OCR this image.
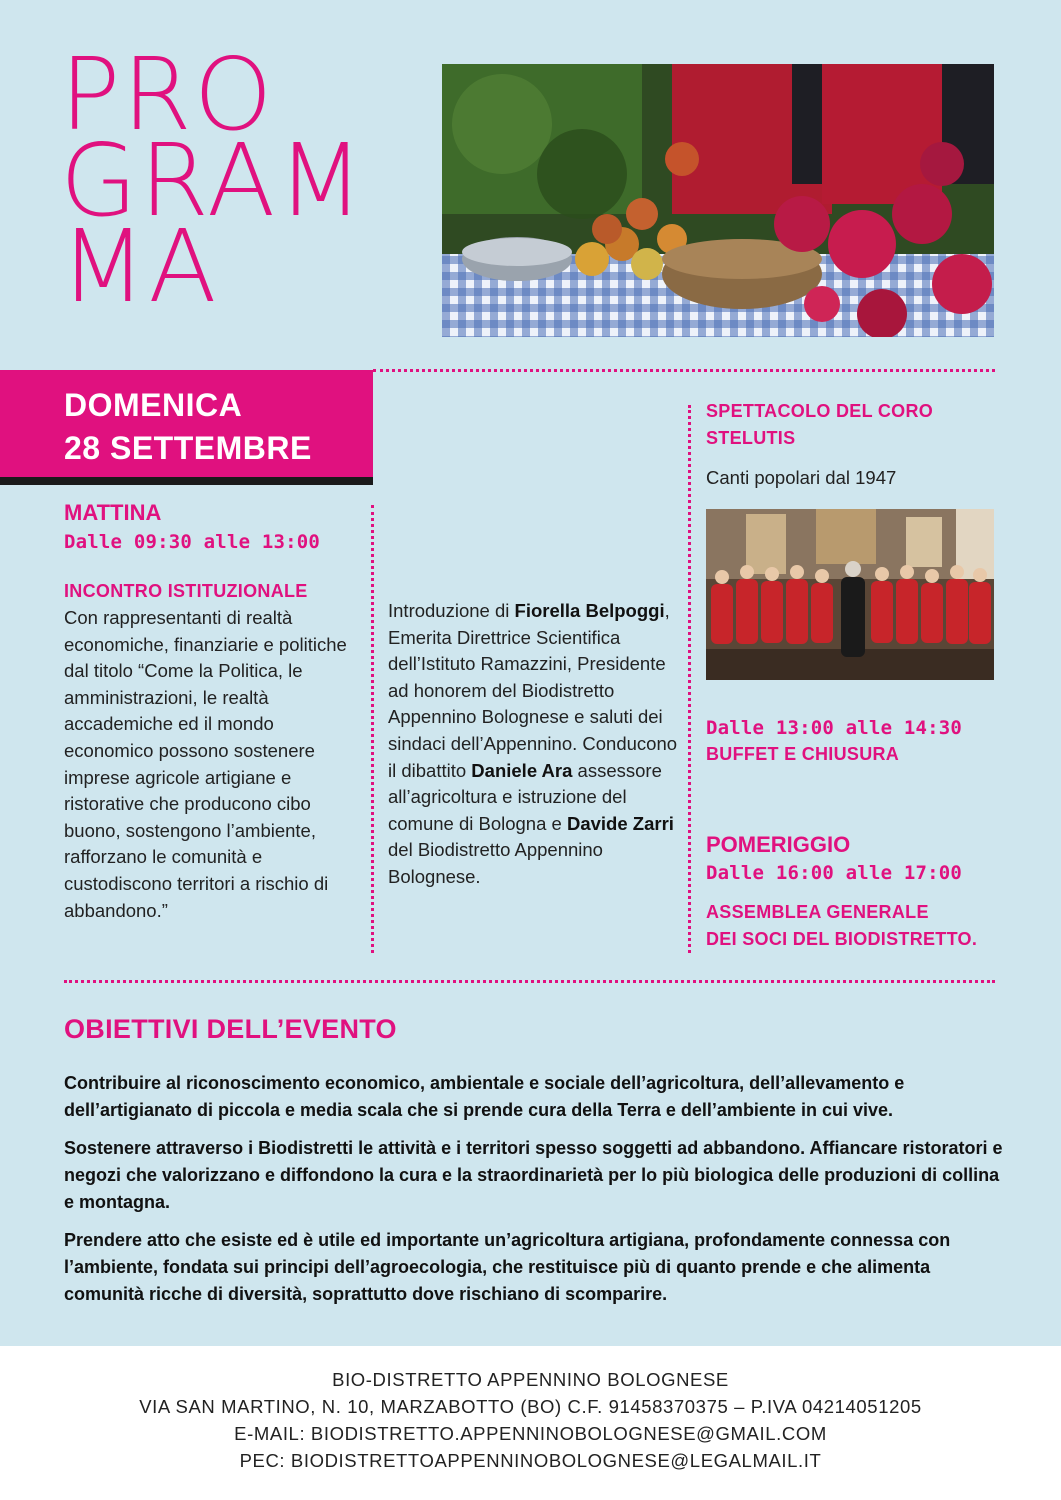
PRO
GRAM
MA
DOMENICA
28 SETTEMBRE
MATTINA
Dalle 09:30 alle 13:00
INCONTRO ISTITUZIONALE
Con rappresentanti di realtà economiche, finanziarie e politiche dal titolo “Come la Politica, le amministrazioni, le realtà accademiche ed il mondo economico possono sostenere imprese agricole artigiane e ristorative che producono cibo buono, sostengono l’ambiente, rafforzano le comunità e custodiscono territori a rischio di abbandono.”
Introduzione di Fiorella Belpoggi, Emerita Direttrice Scientifica dell’Istituto Ramazzini, Presidente ad honorem del Biodistretto Appennino Bolognese e saluti dei sindaci dell’Appennino. Conducono il dibattito Daniele Ara assessore all’agricoltura e istruzione del comune di Bologna e Davide Zarri del Biodistretto Appennino Bolognese.
SPETTACOLO DEL CORO STELUTIS
Canti popolari dal 1947
Dalle 13:00 alle 14:30
BUFFET E CHIUSURA
POMERIGGIO
Dalle 16:00 alle 17:00
ASSEMBLEA GENERALE
DEI SOCI DEL BIODISTRETTO.
OBIETTIVI DELL’EVENTO

Contribuire al riconoscimento economico, ambientale e sociale dell’agricoltura, dell’allevamento e dell’artigianato di piccola e media scala che si prende cura della Terra e dell’ambiente in cui vive.

Sostenere attraverso i Biodistretti le attività e i territori spesso soggetti ad abbandono. Affiancare ristoratori e negozi che valorizzano e diffondono la cura e la straordinarietà per lo più biologica delle produzioni di collina e montagna.

Prendere atto che esiste ed è utile ed importante un’agricoltura artigiana, profondamente connessa con l’ambiente, fondata sui principi dell’agroecologia, che restituisce più di quanto prende e che alimenta comunità ricche di diversità, soprattutto dove rischiano di scomparire.

BIO-DISTRETTO APPENNINO BOLOGNESE
VIA SAN MARTINO, N. 10, MARZABOTTO (BO) C.F. 91458370375 – P.IVA 04214051205
E-MAIL: BIODISTRETTO.APPENNINOBOLOGNESE@GMAIL.COM
PEC: BIODISTRETTOAPPENNINOBOLOGNESE@LEGALMAIL.IT
